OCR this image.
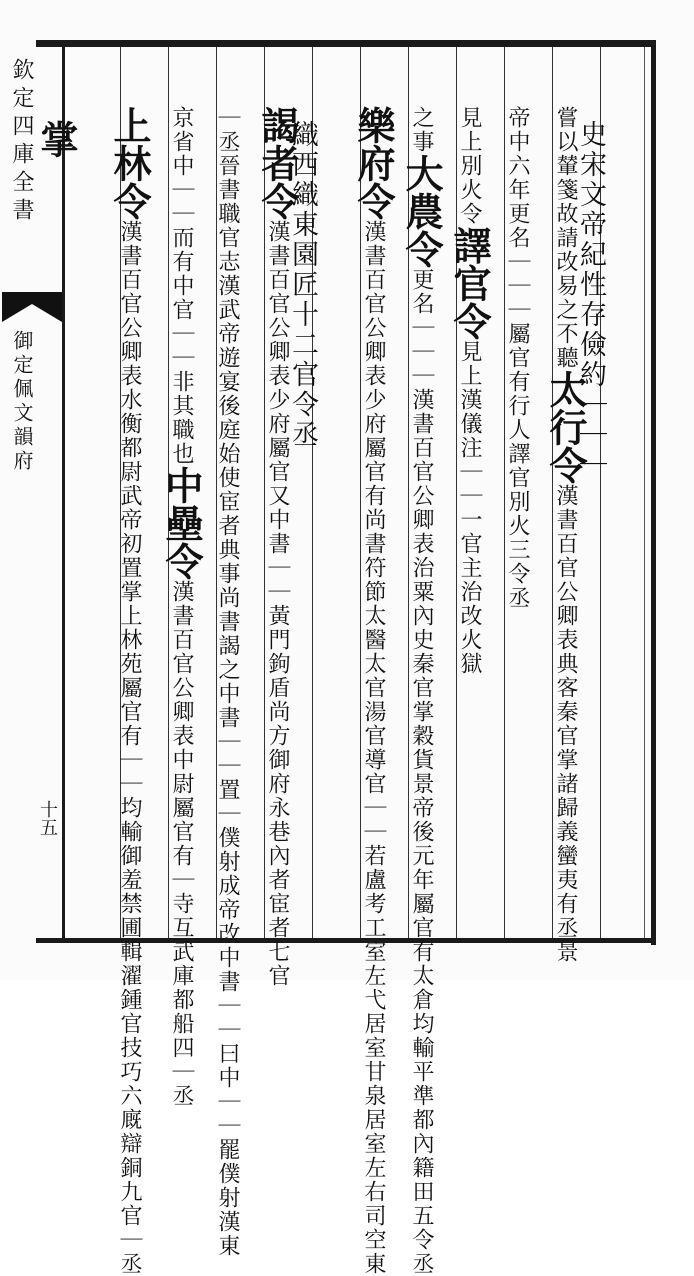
欽定四庫全書
御定佩文韻府
十五

史宋文帝紀性存儉約｜｜｜

嘗以輦箋故請改易之不聽太行令漢書百官公卿表典客秦官掌諸歸義蠻夷有丞景

帝中六年更名｜｜｜屬官有行人譯官別火三令丞

見上別火令譯官令見上漢儀注｜｜一官主治改火獄

之事大農令更名｜｜｜漢書百官公卿表治粟內史秦官掌穀貨景帝後元年屬官有太倉均輸平準都內籍田五令丞

樂府令漢書百官公卿表少府屬官有尚書符節太醫太官湯官導官｜｜若盧考工室左弋居室甘泉居室左右司空東

織西織東園匠十二官令丞

謁者令漢書百官公卿表少府屬官又中書｜｜黃門鉤盾尚方御府永巷內者宦者七官

｜丞晉書職官志漢武帝遊宴後庭始使宦者典事尚書謁之中書｜｜置｜僕射成帝改中書｜｜曰中｜｜罷僕射漢東

京省中｜｜而有中官｜｜非其職也中壘令漢書百官公卿表中尉屬官有｜寺互武庫都船四｜丞

上林令漢書百官公卿表水衡都尉武帝初置掌上林苑屬官有｜｜均輸御羞禁圃輯濯鍾官技巧六廐辯銅九官｜丞

掌
